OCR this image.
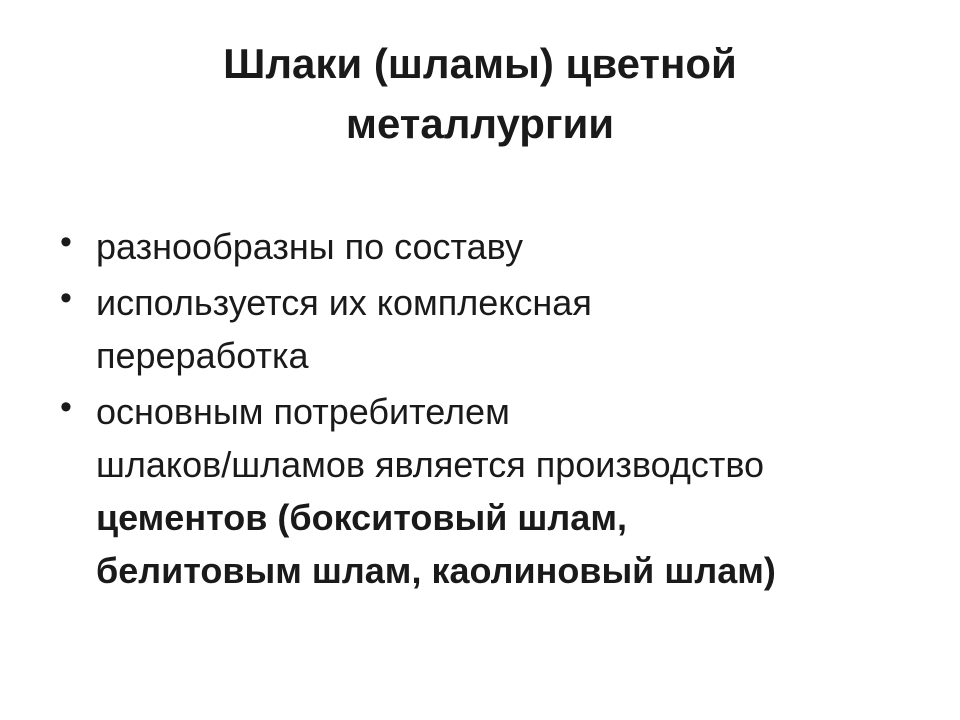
Шлаки (шламы) цветной
металлургии
• разнообразны по составу
• используется их комплексная
переработка
• основным потребителем
шлаков/шламов является производство
цементов (бокситовый шлам,
белитовым шлам, каолиновый шлам)
